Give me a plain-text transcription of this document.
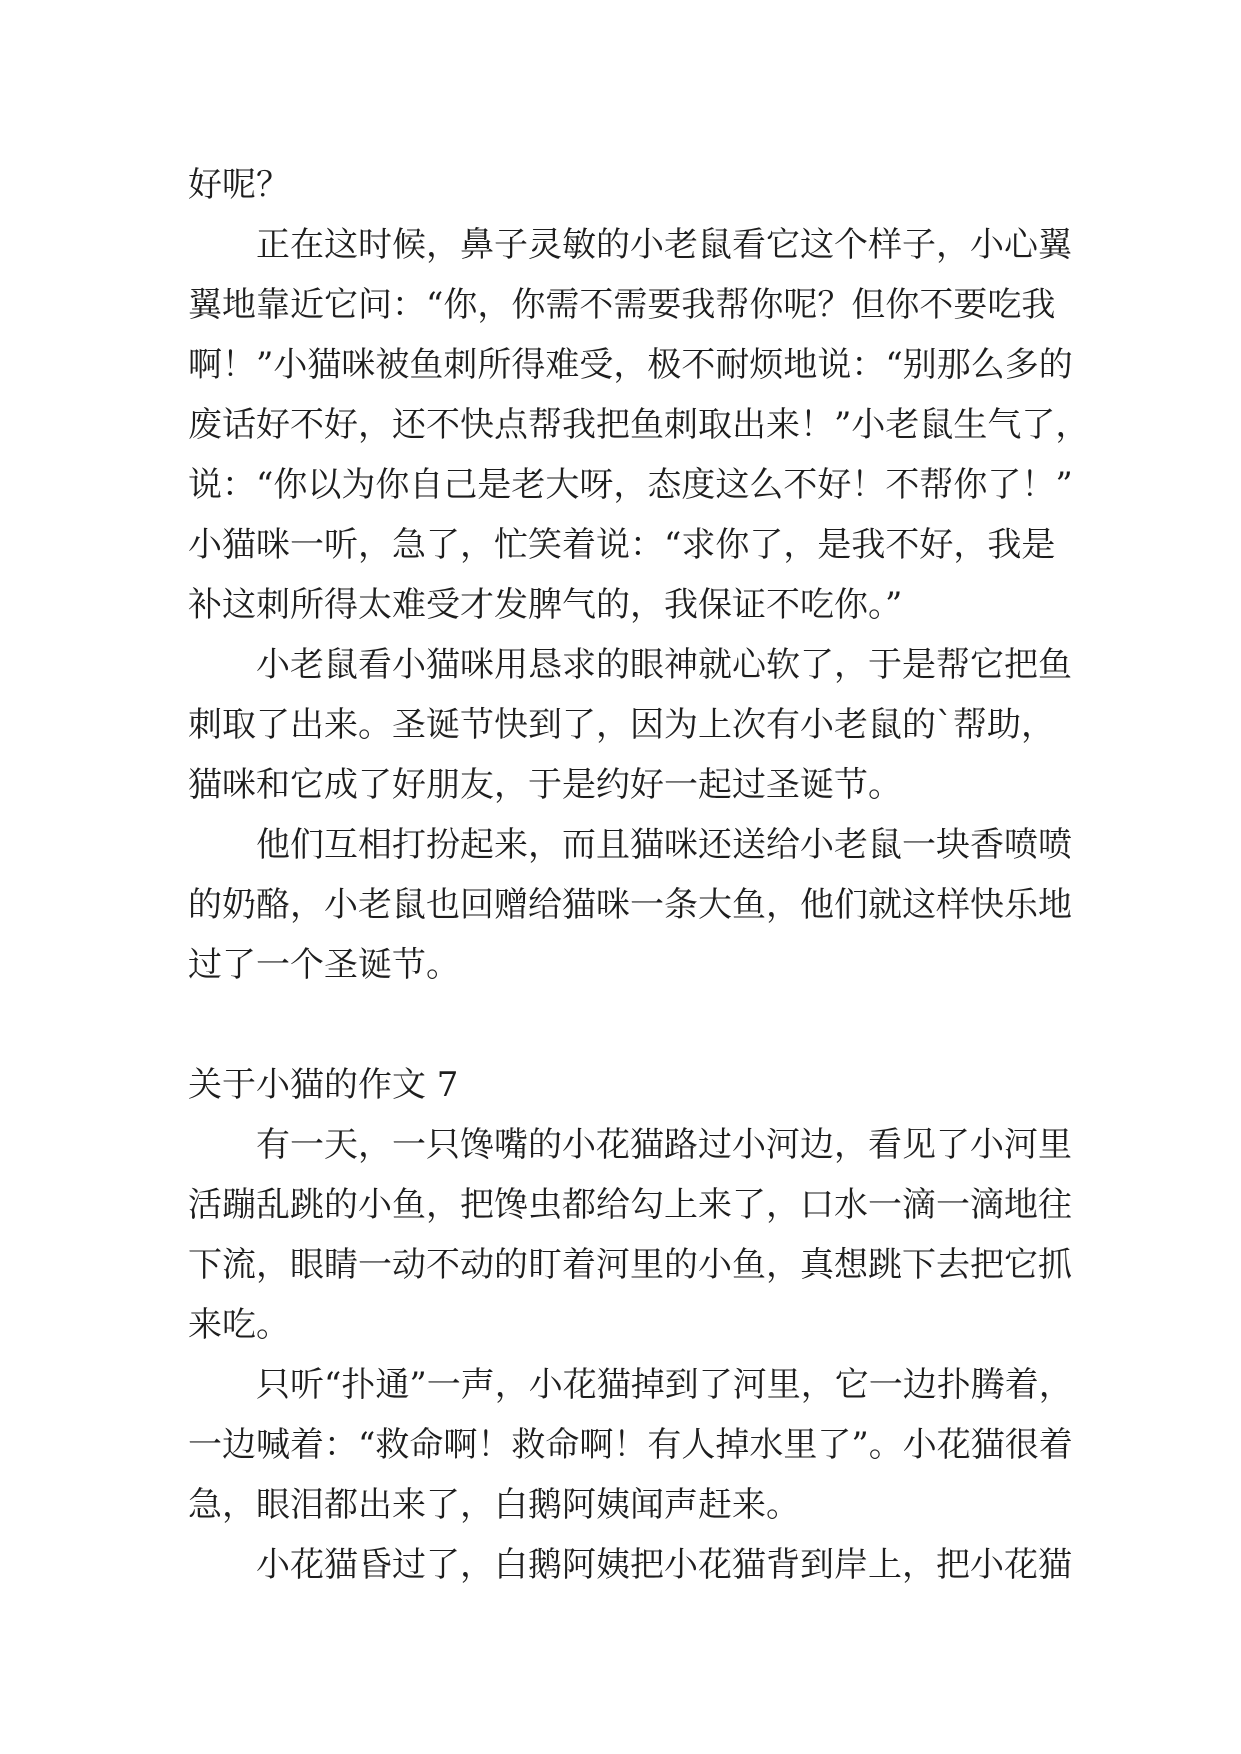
好呢？
正在这时候，鼻子灵敏的小老鼠看它这个样子，小心翼
翼地靠近它问：“你，你需不需要我帮你呢？但你不要吃我
啊！”小猫咪被鱼刺所得难受，极不耐烦地说：“别那么多的
废话好不好，还不快点帮我把鱼刺取出来！”小老鼠生气了，
说：“你以为你自己是老大呀，态度这么不好！不帮你了！”
小猫咪一听，急了，忙笑着说：“求你了，是我不好，我是
补这刺所得太难受才发脾气的，我保证不吃你。”
小老鼠看小猫咪用恳求的眼神就心软了，于是帮它把鱼
刺取了出来。圣诞节快到了，因为上次有小老鼠的`帮助，
猫咪和它成了好朋友，于是约好一起过圣诞节。
他们互相打扮起来，而且猫咪还送给小老鼠一块香喷喷
的奶酪，小老鼠也回赠给猫咪一条大鱼，他们就这样快乐地
过了一个圣诞节。
关于小猫的作文 7
有一天，一只馋嘴的小花猫路过小河边，看见了小河里
活蹦乱跳的小鱼，把馋虫都给勾上来了，口水一滴一滴地往
下流，眼睛一动不动的盯着河里的小鱼，真想跳下去把它抓
来吃。
只听“扑通”一声，小花猫掉到了河里，它一边扑腾着，
一边喊着：“救命啊！救命啊！有人掉水里了”。小花猫很着
急，眼泪都出来了，白鹅阿姨闻声赶来。
小花猫昏过了，白鹅阿姨把小花猫背到岸上，把小花猫
